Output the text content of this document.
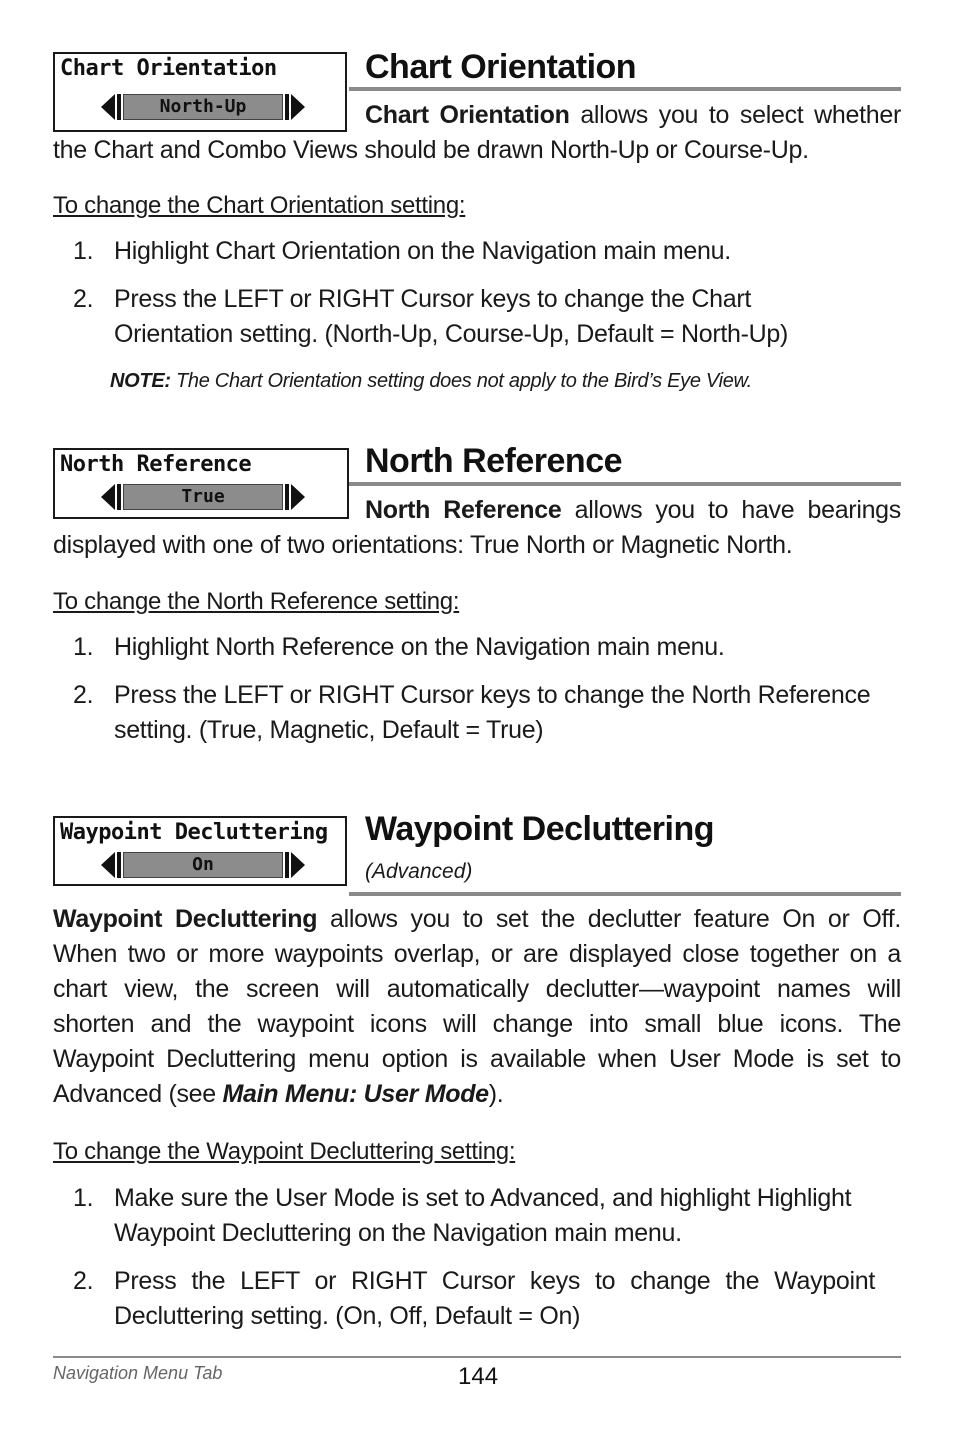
Chart Orientation
North-Up
Chart Orientation
Chart Orientation allows you to select whether
the Chart and Combo Views should be drawn North-Up or Course-Up.
To change the Chart Orientation setting:
1. Highlight Chart Orientation on the Navigation main menu.
2. Press the LEFT or RIGHT Cursor keys to change the Chart Orientation setting. (North-Up, Course-Up, Default = North-Up)
NOTE: The Chart Orientation setting does not apply to the Bird’s Eye View.
North Reference
True
North Reference
North Reference allows you to have bearings
displayed with one of two orientations: True North or Magnetic North.
To change the North Reference setting:
1. Highlight North Reference on the Navigation main menu.
2. Press the LEFT or RIGHT Cursor keys to change the North Reference setting. (True, Magnetic, Default = True)
Waypoint Decluttering
On
Waypoint Decluttering
(Advanced)
Waypoint Decluttering allows you to set the declutter feature On or Off. When two or more waypoints overlap, or are displayed close together on a chart view, the screen will automatically declutter—waypoint names will shorten and the waypoint icons will change into small blue icons. The Waypoint Decluttering menu option is available when User Mode is set to Advanced (see Main Menu: User Mode).
To change the Waypoint Decluttering setting:
1. Make sure the User Mode is set to Advanced, and highlight Highlight Waypoint Decluttering on the Navigation main menu.
2. Press the LEFT or RIGHT Cursor keys to change the Waypoint Decluttering setting. (On, Off, Default = On)
Navigation Menu Tab	144
